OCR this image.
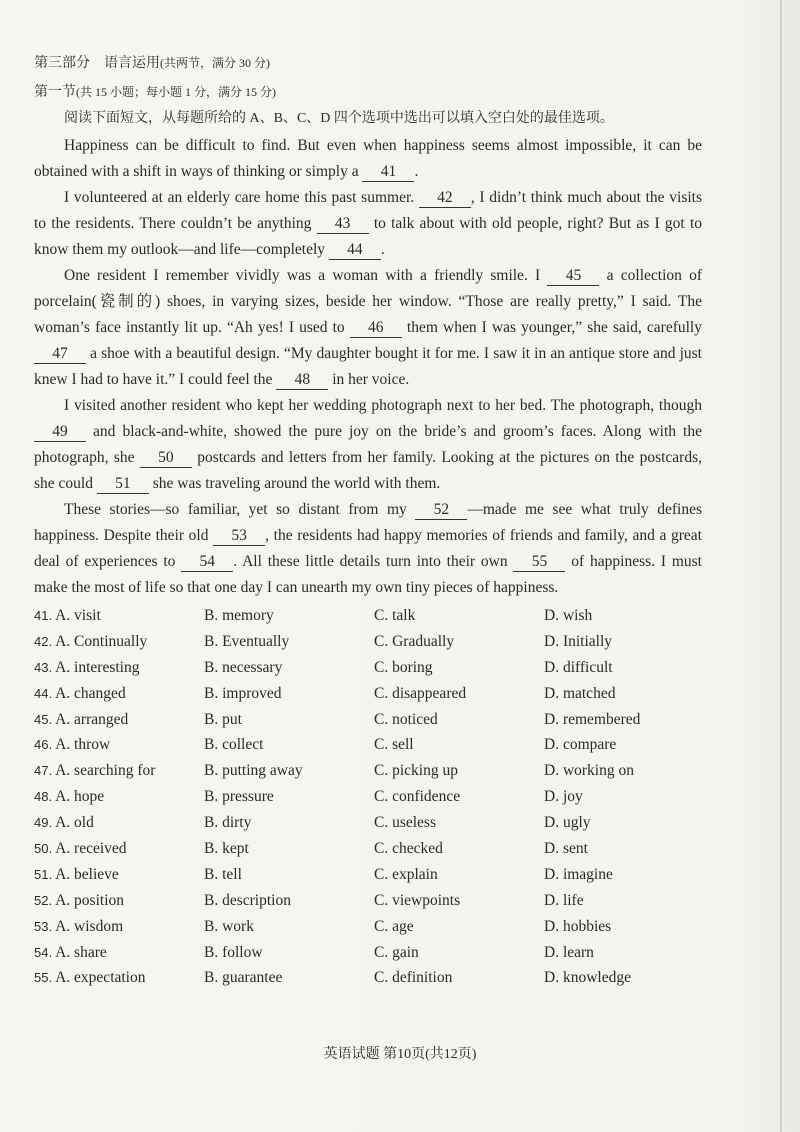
第三部分　语言运用(共两节，满分 30 分)
第一节(共 15 小题；每小题 1 分，满分 15 分)
阅读下面短文，从每题所给的 A、B、C、D 四个选项中选出可以填入空白处的最佳选项。

Happiness can be difficult to find. But even when happiness seems almost impossible, it can be obtained with a shift in ways of thinking or simply a 41 .

I volunteered at an elderly care home this past summer. 42 , I didn’t think much about the visits to the residents. There couldn’t be anything 43 to talk about with old people, right? But as I got to know them my outlook—and life—completely 44 .

One resident I remember vividly was a woman with a friendly smile. I 45 a collection of porcelain(瓷制的) shoes, in varying sizes, beside her window. “Those are really pretty,” I said. The woman’s face instantly lit up. “Ah yes! I used to 46 them when I was younger,” she said, carefully 47 a shoe with a beautiful design. “My daughter bought it for me. I saw it in an antique store and just knew I had to have it.” I could feel the 48 in her voice.

I visited another resident who kept her wedding photograph next to her bed. The photograph, though 49 and black-and-white, showed the pure joy on the bride’s and groom’s faces. Along with the photograph, she 50 postcards and letters from her family. Looking at the pictures on the postcards, she could 51 she was traveling around the world with them.

These stories—so familiar, yet so distant from my 52 —made me see what truly defines happiness. Despite their old 53 , the residents had happy memories of friends and family, and a great deal of experiences to 54 . All these little details turn into their own 55 of happiness. I must make the most of life so that one day I can unearth my own tiny pieces of happiness.

41. A. visit	B. memory	C. talk	D. wish
42. A. Continually	B. Eventually	C. Gradually	D. Initially
43. A. interesting	B. necessary	C. boring	D. difficult
44. A. changed	B. improved	C. disappeared	D. matched
45. A. arranged	B. put	C. noticed	D. remembered
46. A. throw	B. collect	C. sell	D. compare
47. A. searching for	B. putting away	C. picking up	D. working on
48. A. hope	B. pressure	C. confidence	D. joy
49. A. old	B. dirty	C. useless	D. ugly
50. A. received	B. kept	C. checked	D. sent
51. A. believe	B. tell	C. explain	D. imagine
52. A. position	B. description	C. viewpoints	D. life
53. A. wisdom	B. work	C. age	D. hobbies
54. A. share	B. follow	C. gain	D. learn
55. A. expectation	B. guarantee	C. definition	D. knowledge
英语试题 第10页(共12页)
